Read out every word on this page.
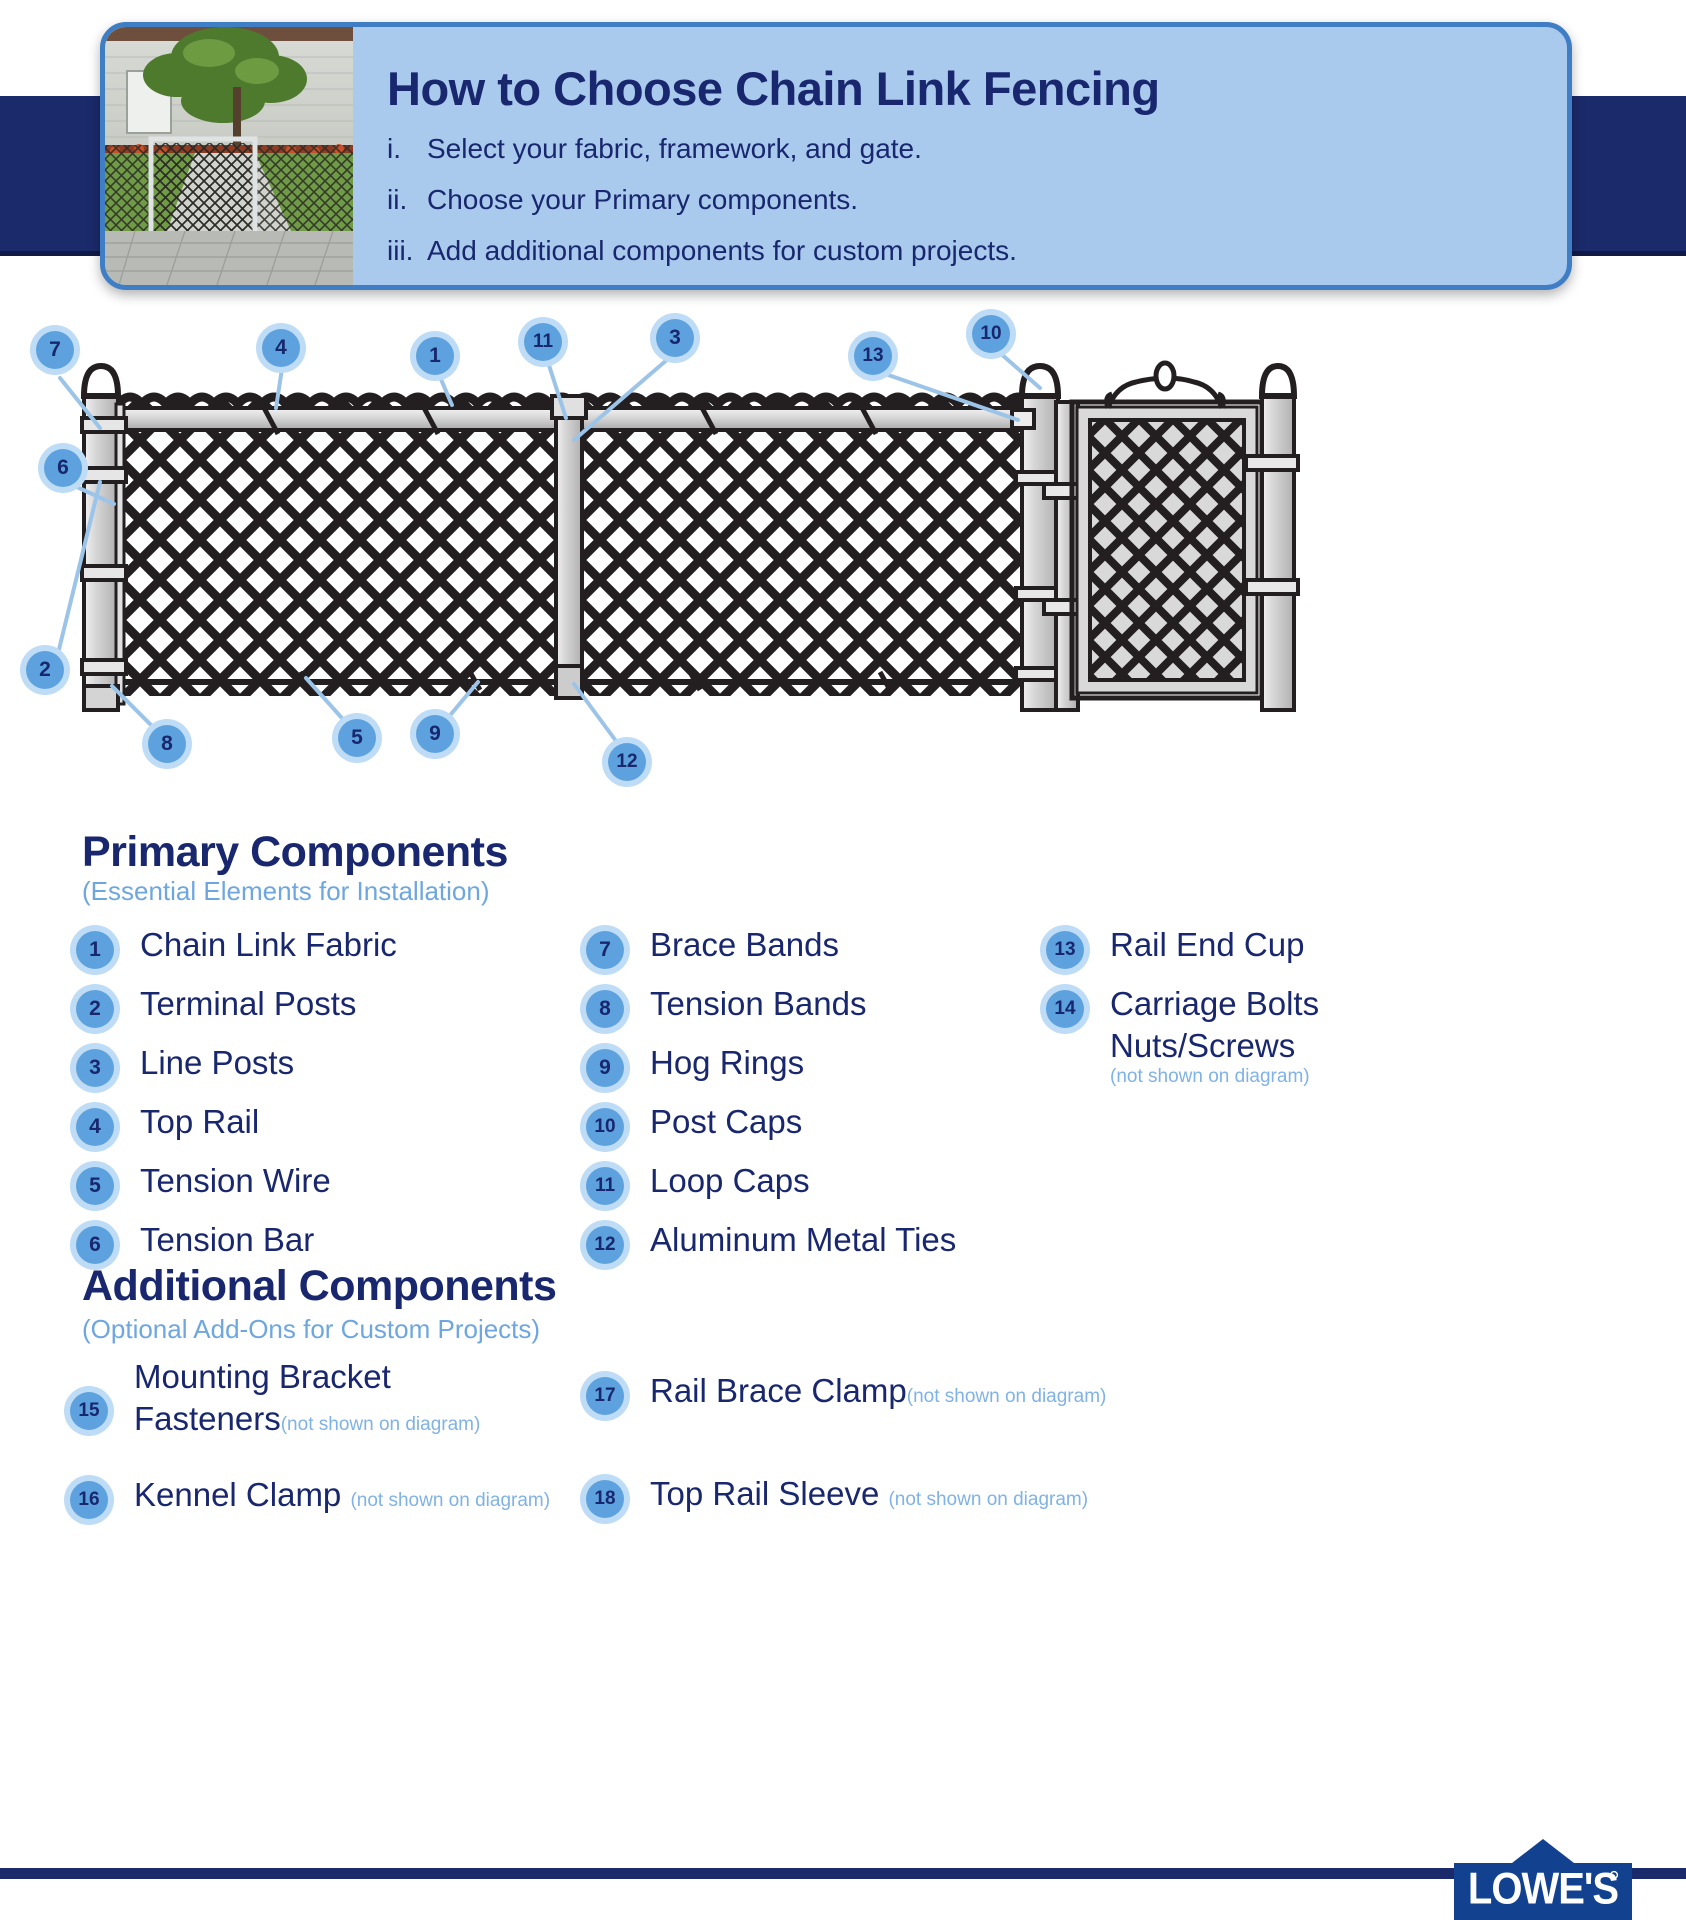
How to Choose Chain Link Fencing
i. Select your fabric, framework, and gate.
ii. Choose your Primary components.
iii. Add additional components for custom projects.
7	4	1
11	3
13
10
6
2
8	5	9
12
Primary Components
(Essential Elements for Installation)
1	Chain Link Fabric
2	Terminal Posts
3	Line Posts
4	Top Rail
5	Tension Wire
6	Tension Bar
7	Brace Bands
8	Tension Bands
9	Hog Rings
10 Post Caps
11 Loop Caps
12 Aluminum Metal Ties
13 Rail End Cup
14 Carriage Bolts Nuts/Screws
(not shown on diagram)
Additional Components
(Optional Add-Ons for Custom Projects)
15
Mounting Bracket Fasteners(not shown on diagram)
16 Kennel Clamp (not shown on diagram)
17 Rail Brace Clamp(not shown on diagram)
18 Top Rail Sleeve (not shown on diagram)
LOWE'S
